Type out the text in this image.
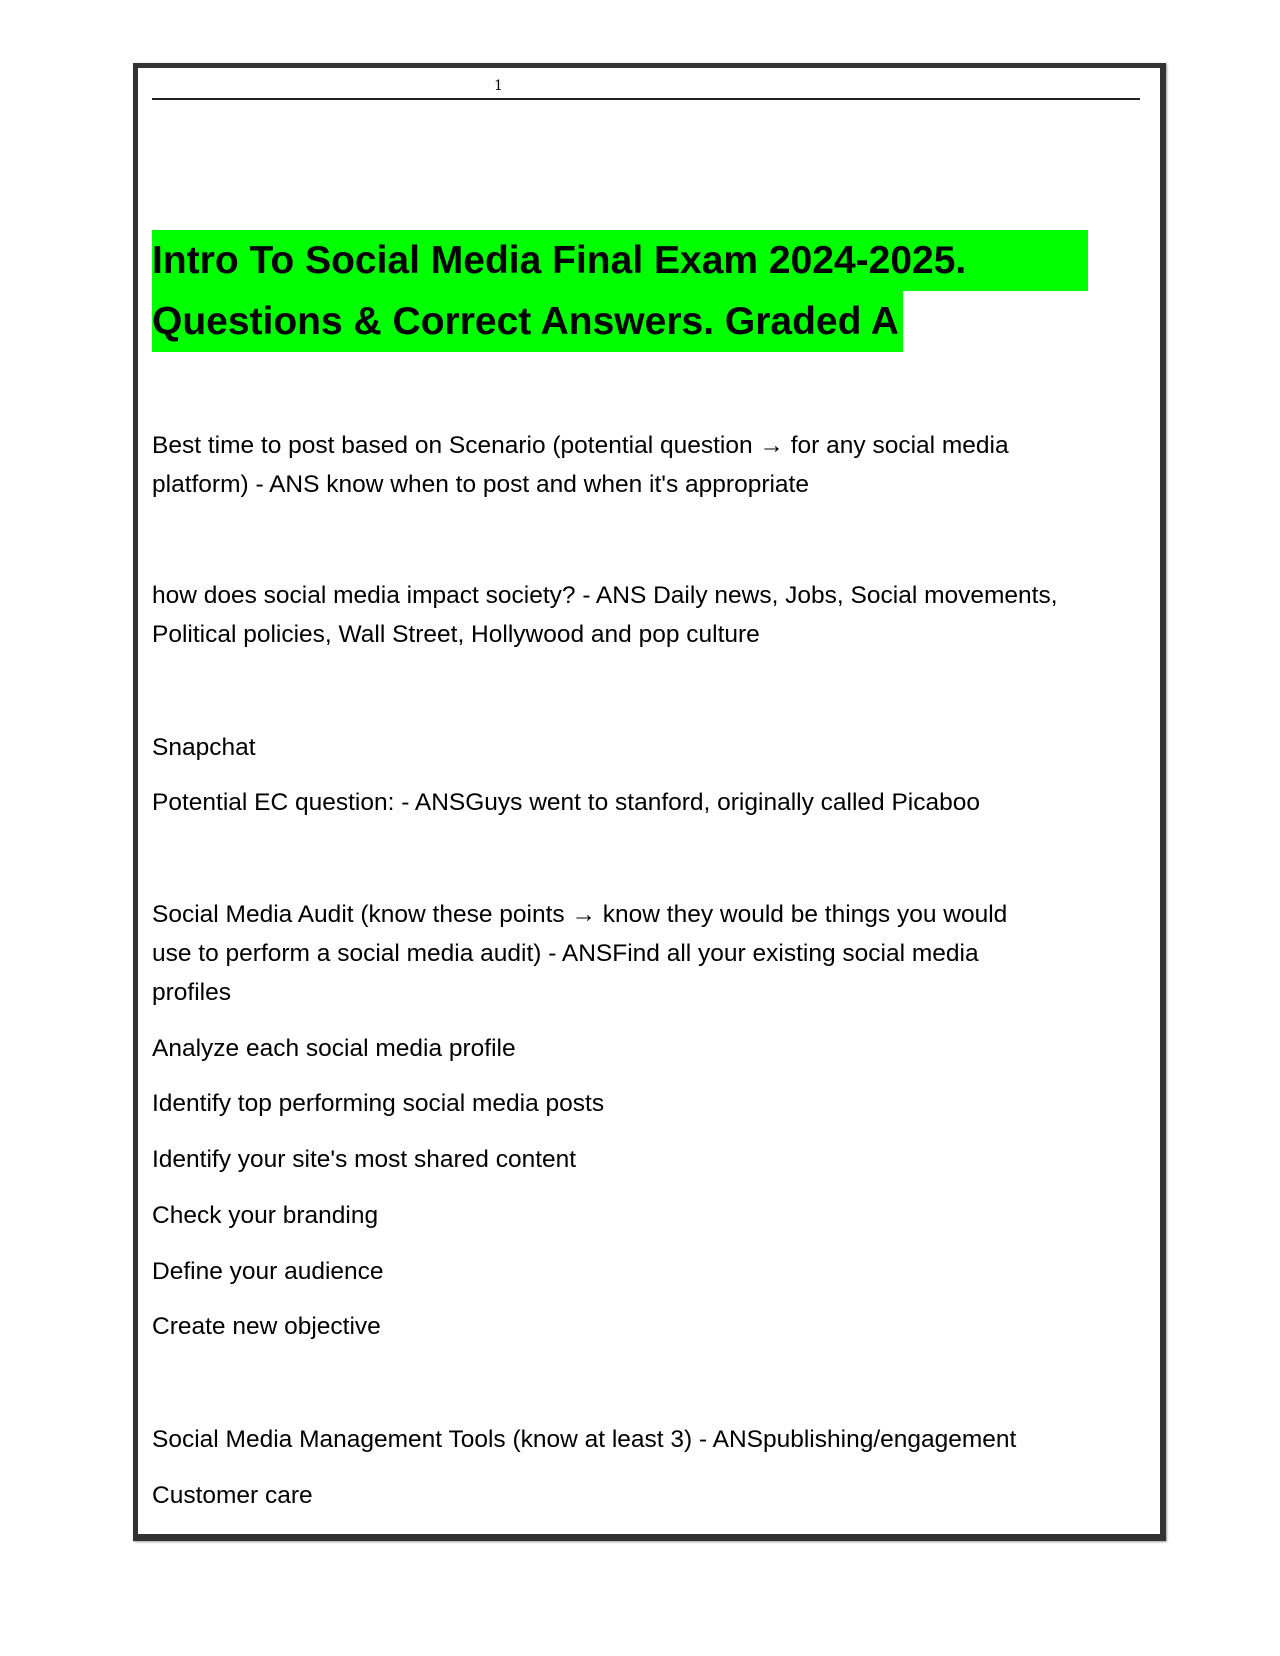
1
Intro To Social Media Final Exam 2024-2025.
Questions & Correct Answers. Graded A
Best time to post based on Scenario (potential question → for any social media
platform) - ANS know when to post and when it's appropriate
how does social media impact society? - ANS Daily news, Jobs, Social movements,
Political policies, Wall Street, Hollywood and pop culture
Snapchat
Potential EC question: - ANSGuys went to stanford, originally called Picaboo
Social Media Audit (know these points → know they would be things you would
use to perform a social media audit) - ANSFind all your existing social media
profiles
Analyze each social media profile
Identify top performing social media posts
Identify your site's most shared content
Check your branding
Define your audience
Create new objective
Social Media Management Tools (know at least 3) - ANSpublishing/engagement
Customer care
